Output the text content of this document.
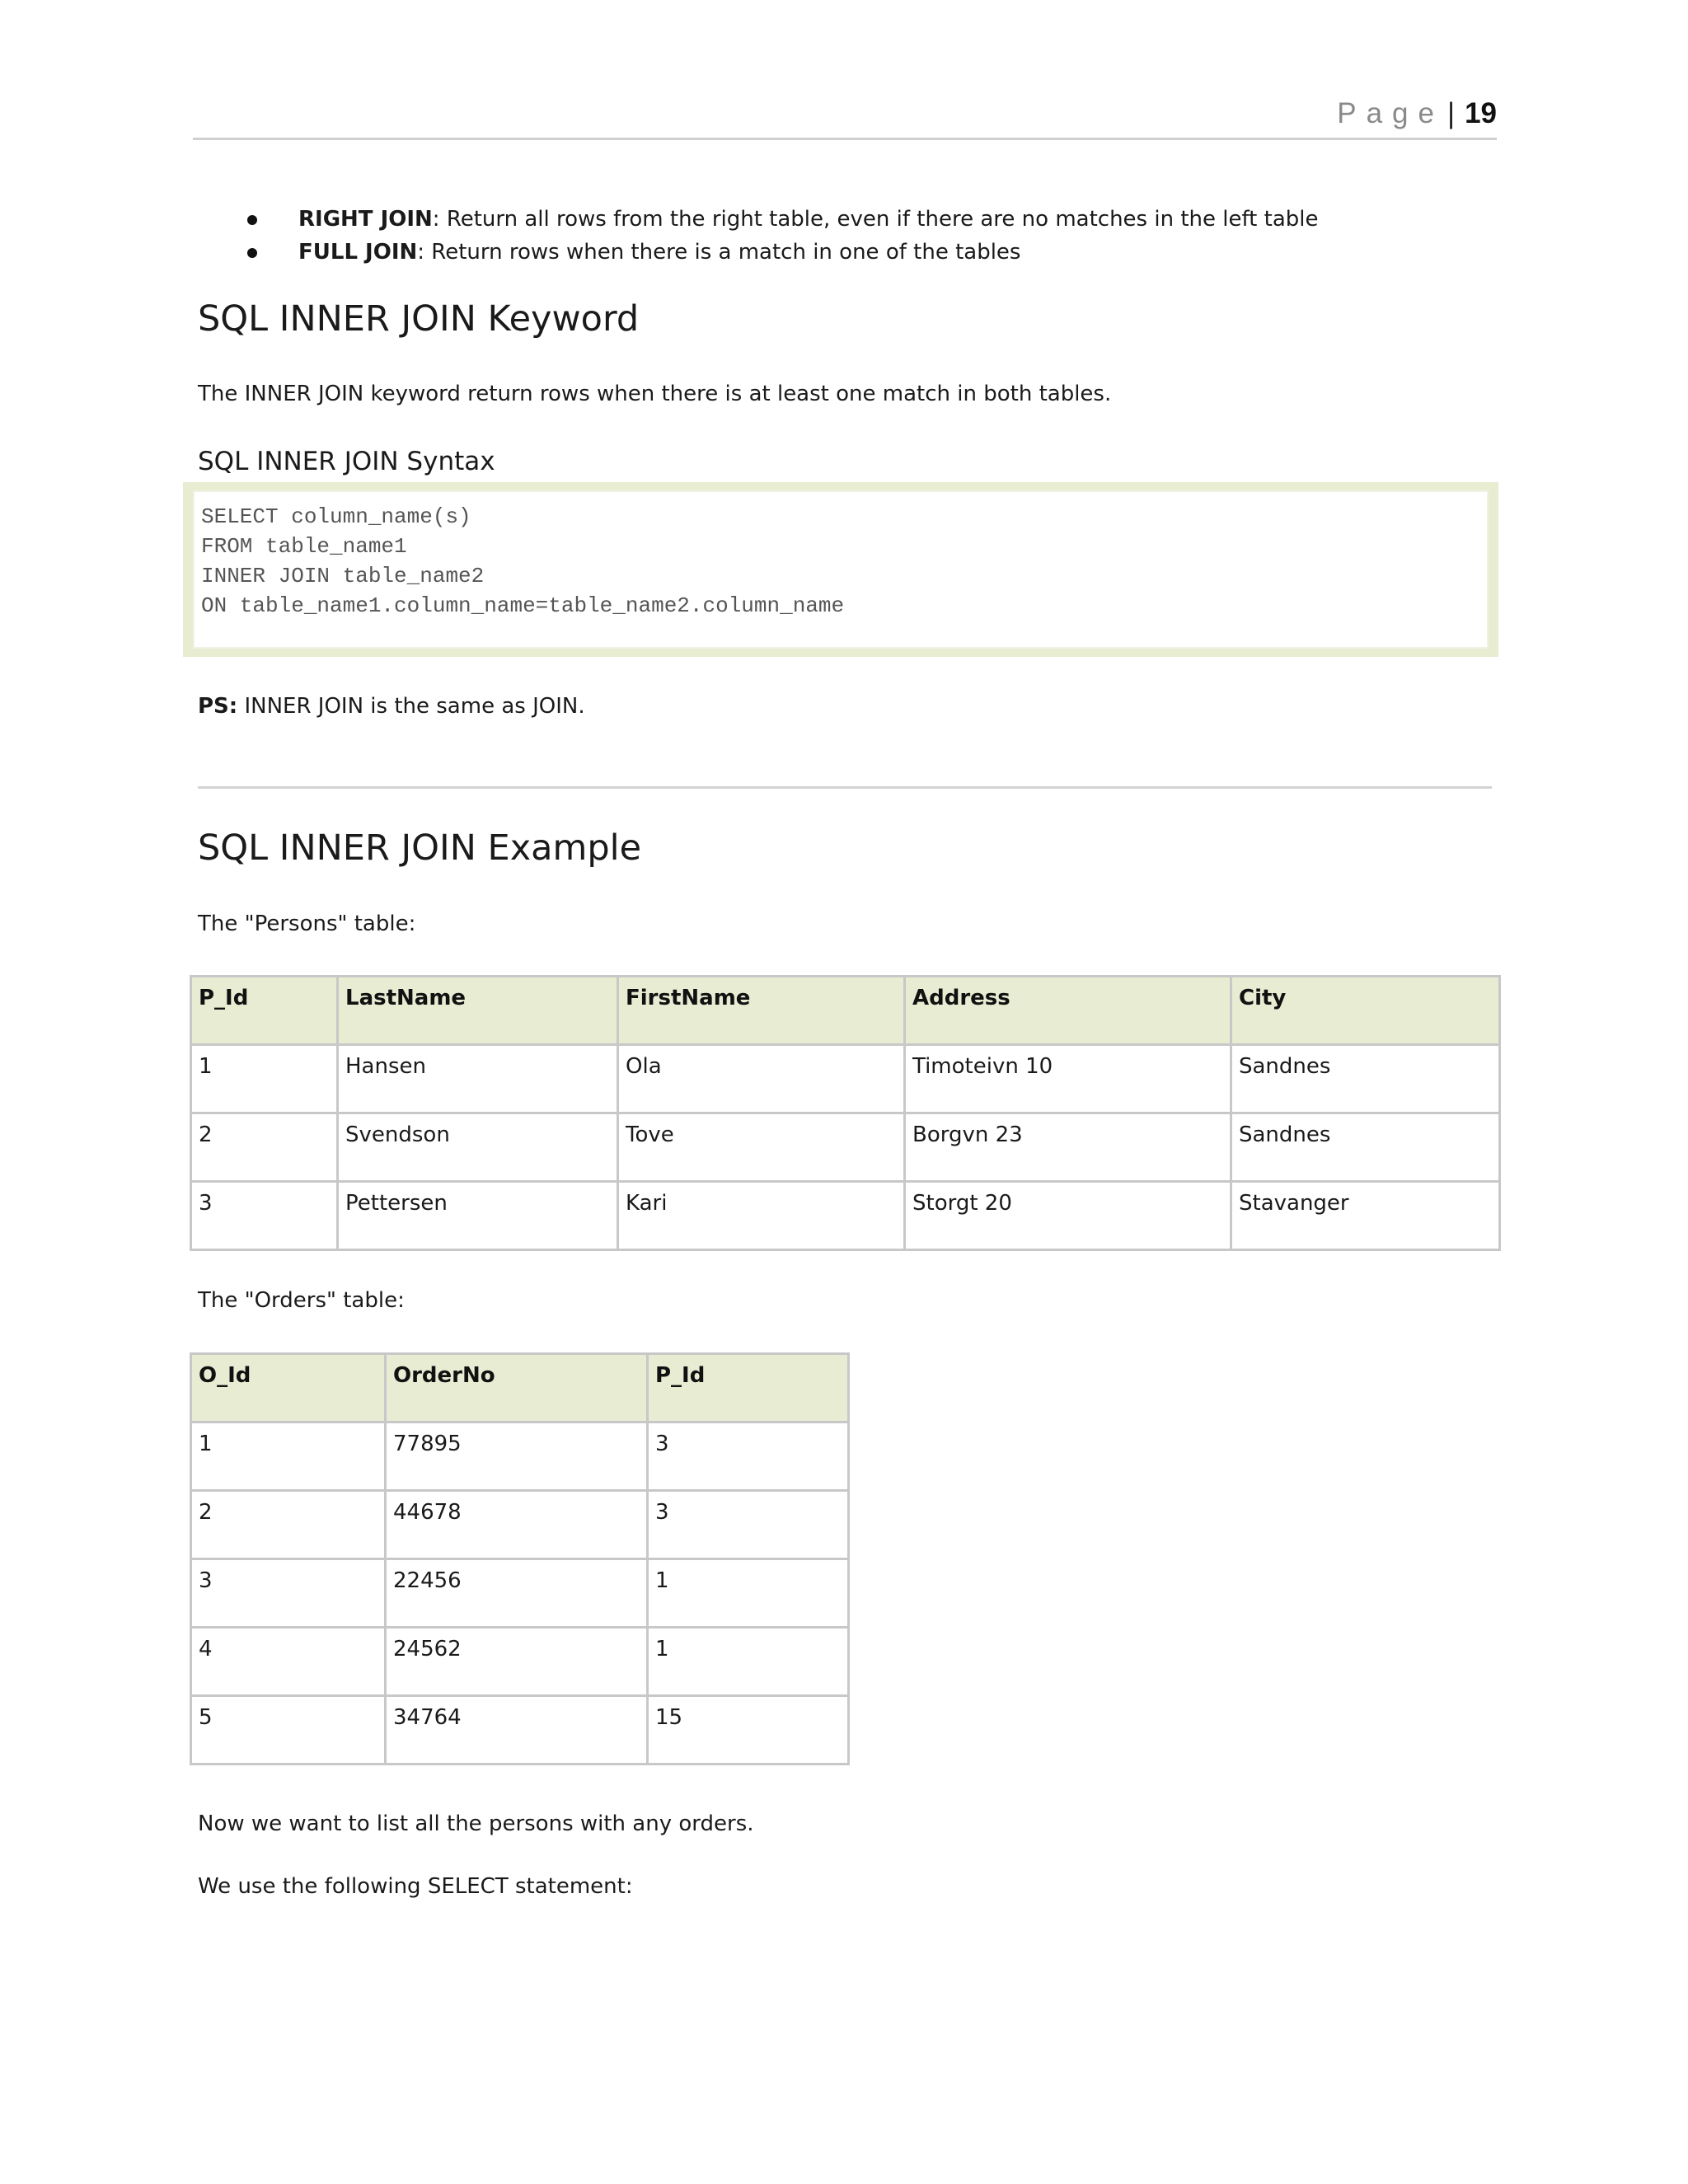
Page | 19
RIGHT JOIN: Return all rows from the right table, even if there are no matches in the left table
FULL JOIN: Return rows when there is a match in one of the tables
SQL INNER JOIN Keyword
The INNER JOIN keyword return rows when there is at least one match in both tables.
SQL INNER JOIN Syntax
SELECT column_name(s)
FROM table_name1
INNER JOIN table_name2
ON table_name1.column_name=table_name2.column_name
PS: INNER JOIN is the same as JOIN.
SQL INNER JOIN Example
The "Persons" table:
P_Id	LastName	FirstName	Address	City
1	Hansen	Ola	Timoteivn 10	Sandnes
2	Svendson	Tove	Borgvn 23	Sandnes
3	Pettersen	Kari	Storgt 20	Stavanger
The "Orders" table:
O_Id	OrderNo	P_Id
1	77895	3
2	44678	3
3	22456	1
4	24562	1
5	34764	15
Now we want to list all the persons with any orders.
We use the following SELECT statement:
